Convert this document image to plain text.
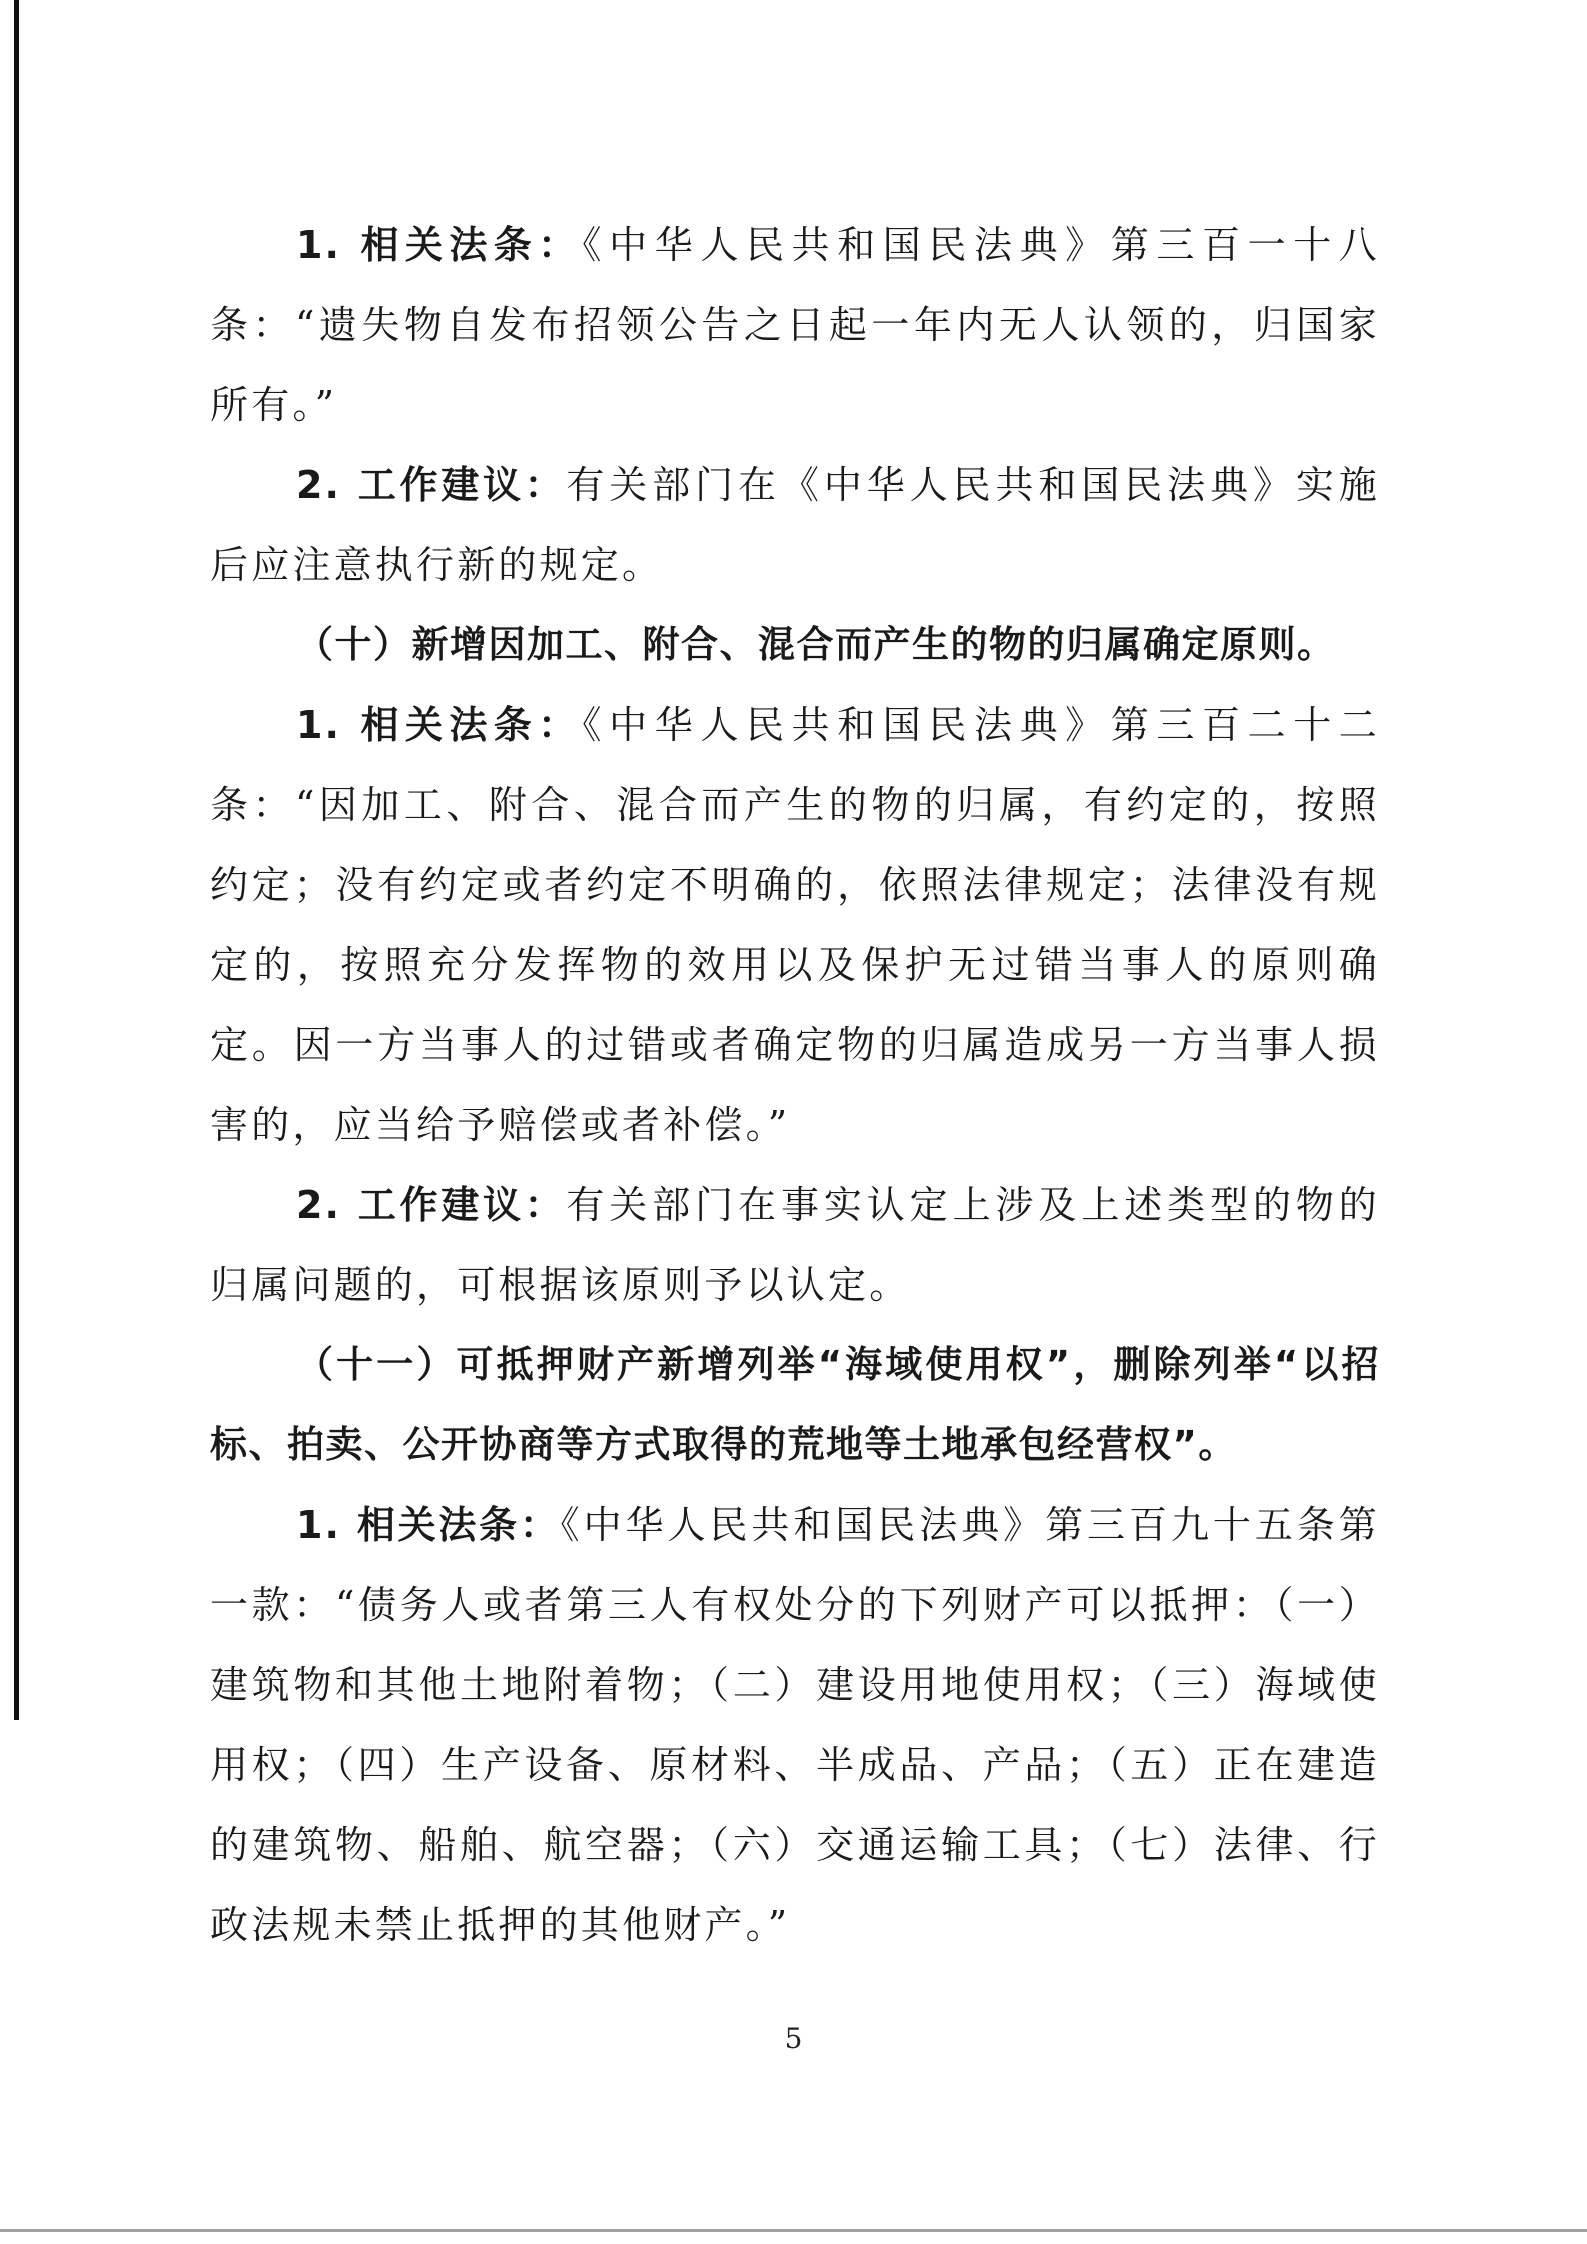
1. 相关法条：《中华人民共和国民法典》第三百一十八条：“遗失物自发布招领公告之日起一年内无人认领的，归国家所有。”

2. 工作建议：有关部门在《中华人民共和国民法典》实施后应注意执行新的规定。

（十）新增因加工、附合、混合而产生的物的归属确定原则。

1. 相关法条：《中华人民共和国民法典》第三百二十二条：“因加工、附合、混合而产生的物的归属，有约定的，按照约定；没有约定或者约定不明确的，依照法律规定；法律没有规定的，按照充分发挥物的效用以及保护无过错当事人的原则确定。因一方当事人的过错或者确定物的归属造成另一方当事人损害的，应当给予赔偿或者补偿。”

2. 工作建议：有关部门在事实认定上涉及上述类型的物的归属问题的，可根据该原则予以认定。

（十一）可抵押财产新增列举“海域使用权”，删除列举“以招标、拍卖、公开协商等方式取得的荒地等土地承包经营权”。

1. 相关法条：《中华人民共和国民法典》第三百九十五条第一款：“债务人或者第三人有权处分的下列财产可以抵押：（一）建筑物和其他土地附着物；（二）建设用地使用权；（三）海域使用权；（四）生产设备、原材料、半成品、产品；（五）正在建造的建筑物、船舶、航空器；（六）交通运输工具；（七）法律、行政法规未禁止抵押的其他财产。”

5
